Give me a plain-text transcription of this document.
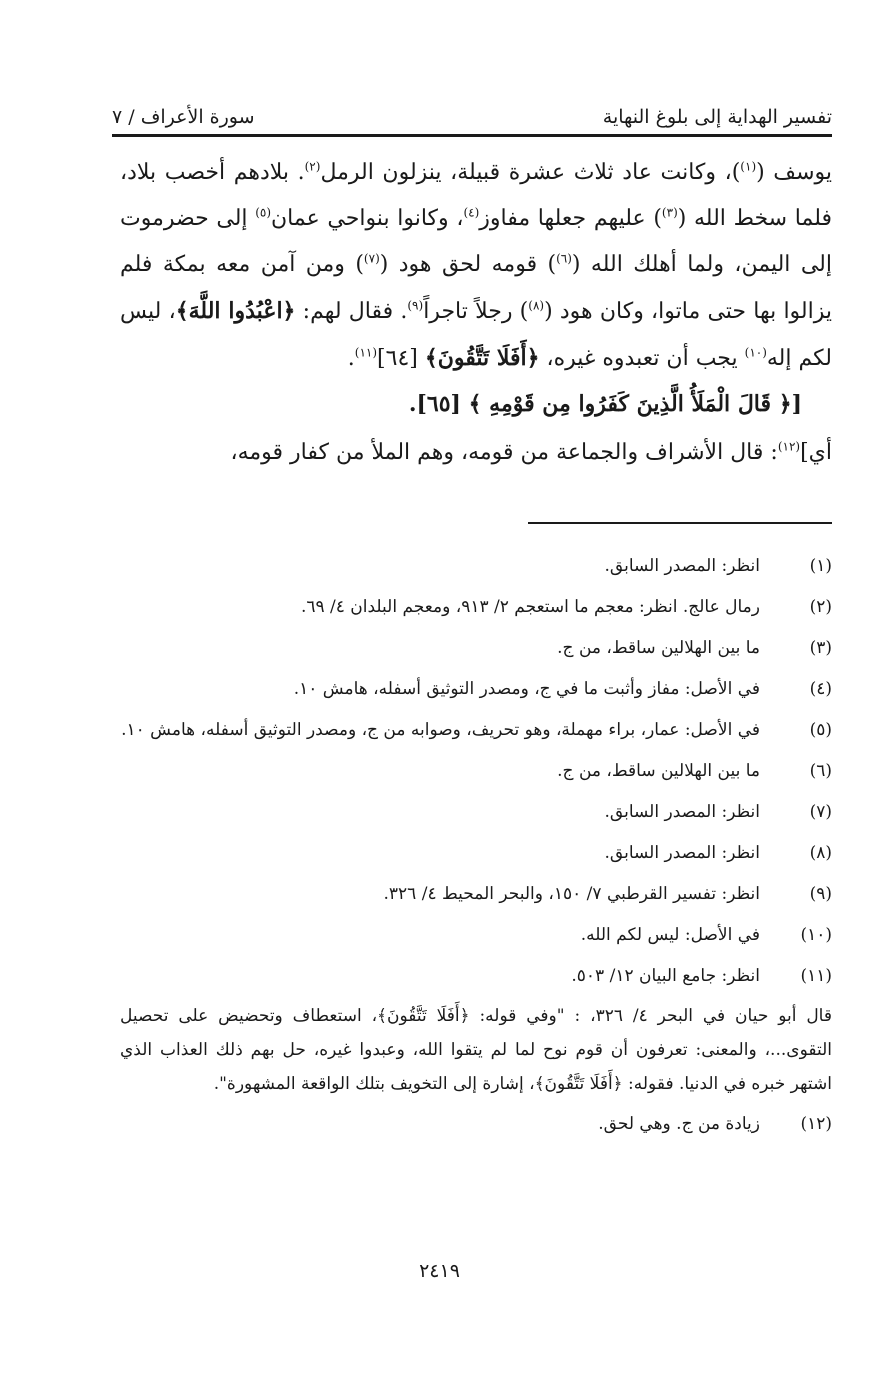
تفسير الهداية إلى بلوغ النهاية
سورة الأعراف / ٧

يوسف ($^{(١)}$)، وكانت عاد ثلاث عشرة قبيلة، ينزلون الرمل$^{(٢)}$. بلادهم أخصب بلاد، فلما سخط الله ($^{(٣)}$) عليهم جعلها مفاوز$^{(٤)}$، وكانوا بنواحي عمان$^{(٥)}$ إلى حضرموت إلى اليمن، ولما أهلك الله ($^{(٦)}$) قومه لحق هود ($^{(٧)}$) ومن آمن معه بمكة فلم يزالوا بها حتى ماتوا، وكان هود ($^{(٨)}$) رجلاً تاجراً$^{(٩)}$. فقال لهم: ﴿اعْبُدُوا اللَّهَ﴾، ليس لكم إله$^{(١٠)}$ يجب أن تعبدوه غيره، ﴿أَفَلَا تَتَّقُونَ﴾ [٦٤]$^{(١١)}$.

[﴿ قَالَ الْمَلَأُ الَّذِينَ كَفَرُوا مِن قَوْمِهِ ﴾ [٦٥].

أي]$^{(١٢)}$: قال الأشراف والجماعة من قومه، وهم الملأ من كفار قومه،

(١)
انظر: المصدر السابق.
(٢)
رمال عالج. انظر: معجم ما استعجم ٢/ ٩١٣، ومعجم البلدان ٤/ ٦٩.
(٣)
ما بين الهلالين ساقط، من ج.
(٤)
في الأصل: مفاز وأثبت ما في ج، ومصدر التوثيق أسفله، هامش ١٠.
(٥)
في الأصل: عمار، براء مهملة، وهو تحريف، وصوابه من ج، ومصدر التوثيق أسفله، هامش ١٠.
(٦)
ما بين الهلالين ساقط، من ج.
(٧)
انظر: المصدر السابق.
(٨)
انظر: المصدر السابق.
(٩)
انظر: تفسير القرطبي ٧/ ١٥٠، والبحر المحيط ٤/ ٣٢٦.
(١٠)
في الأصل: ليس لكم الله.
(١١)
انظر: جامع البيان ١٢/ ٥٠٣.
قال أبو حيان في البحر ٤/ ٣٢٦، : "وفي قوله: ﴿أَفَلَا تَتَّقُونَ﴾، استعطاف وتحضيض على تحصيل التقوى...، والمعنى: تعرفون أن قوم نوح لما لم يتقوا الله، وعبدوا غيره، حل بهم ذلك العذاب الذي اشتهر خبره في الدنيا. فقوله: ﴿أَفَلَا تَتَّقُونَ﴾، إشارة إلى التخويف بتلك الواقعة المشهورة".
(١٢)
زيادة من ج. وهي لحق.
٢٤١٩
